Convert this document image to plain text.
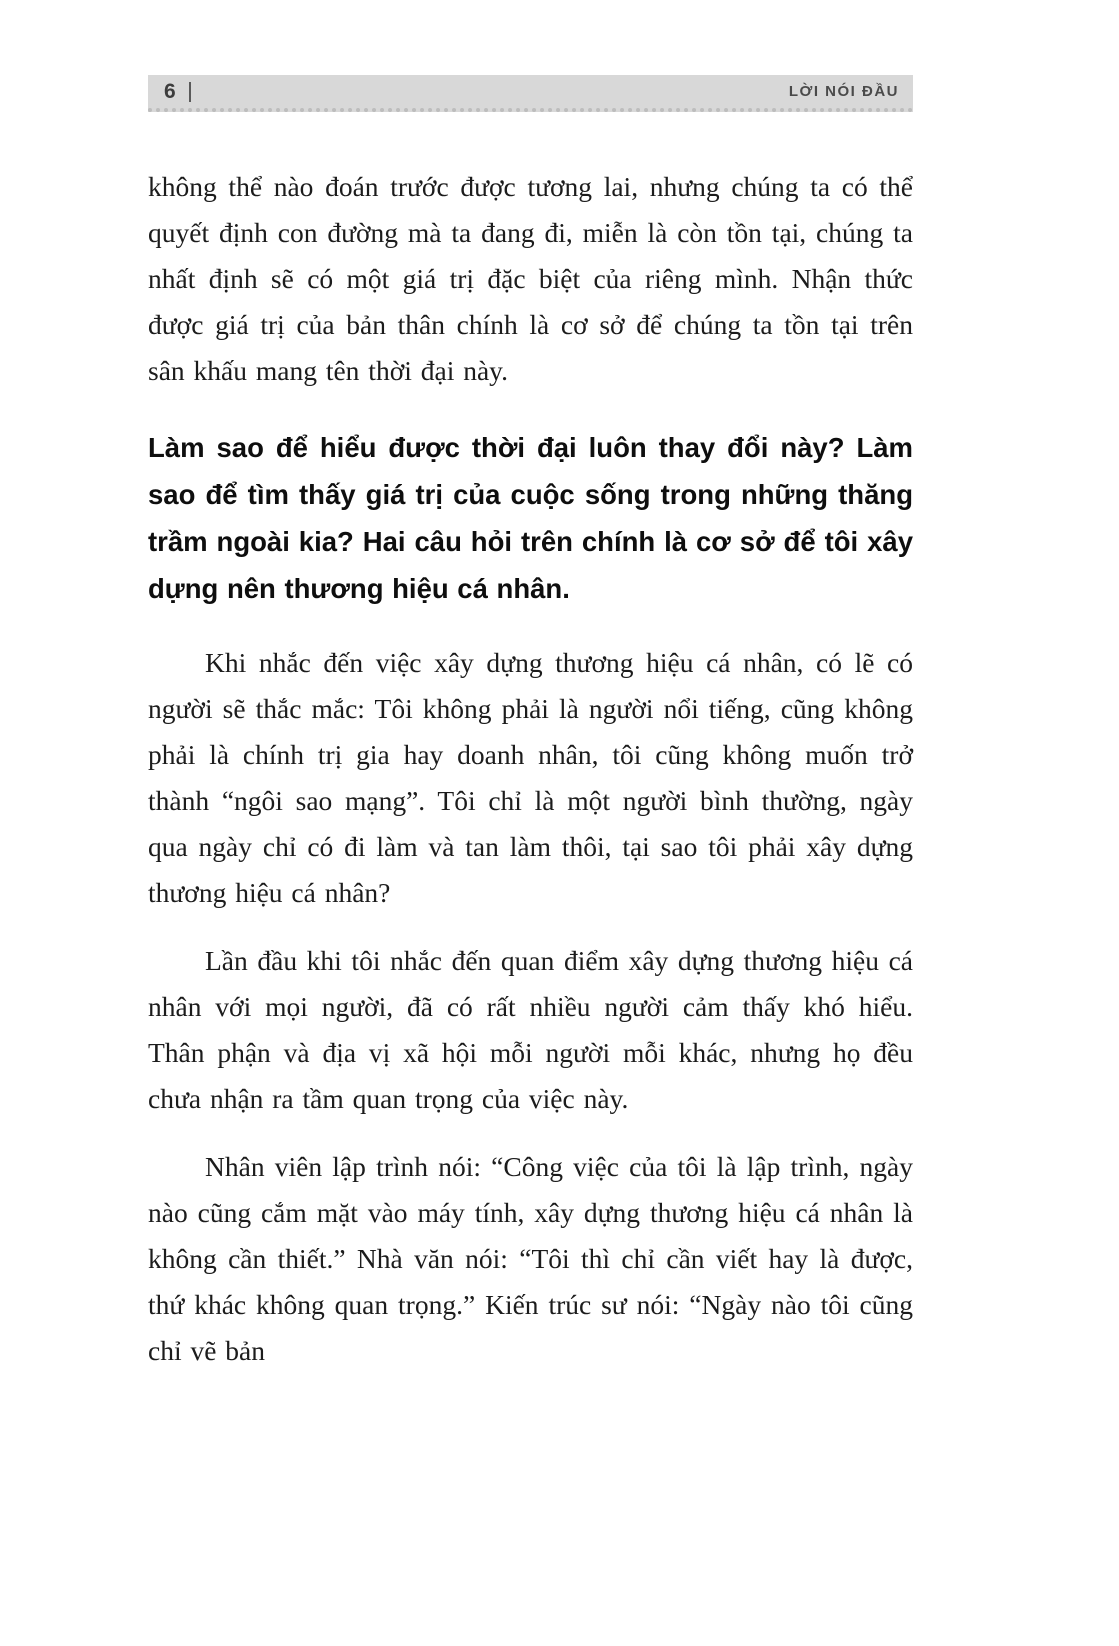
6	LỜI NÓI ĐẦU

không thể nào đoán trước được tương lai, nhưng chúng ta có thể quyết định con đường mà ta đang đi, miễn là còn tồn tại, chúng ta nhất định sẽ có một giá trị đặc biệt của riêng mình. Nhận thức được giá trị của bản thân chính là cơ sở để chúng ta tồn tại trên sân khấu mang tên thời đại này.

Làm sao để hiểu được thời đại luôn thay đổi này? Làm sao để tìm thấy giá trị của cuộc sống trong những thăng trầm ngoài kia? Hai câu hỏi trên chính là cơ sở để tôi xây dựng nên thương hiệu cá nhân.

Khi nhắc đến việc xây dựng thương hiệu cá nhân, có lẽ có người sẽ thắc mắc: Tôi không phải là người nổi tiếng, cũng không phải là chính trị gia hay doanh nhân, tôi cũng không muốn trở thành “ngôi sao mạng”. Tôi chỉ là một người bình thường, ngày qua ngày chỉ có đi làm và tan làm thôi, tại sao tôi phải xây dựng thương hiệu cá nhân?

Lần đầu khi tôi nhắc đến quan điểm xây dựng thương hiệu cá nhân với mọi người, đã có rất nhiều người cảm thấy khó hiểu. Thân phận và địa vị xã hội mỗi người mỗi khác, nhưng họ đều chưa nhận ra tầm quan trọng của việc này.

Nhân viên lập trình nói: “Công việc của tôi là lập trình, ngày nào cũng cắm mặt vào máy tính, xây dựng thương hiệu cá nhân là không cần thiết.” Nhà văn nói: “Tôi thì chỉ cần viết hay là được, thứ khác không quan trọng.” Kiến trúc sư nói: “Ngày nào tôi cũng chỉ vẽ bản
